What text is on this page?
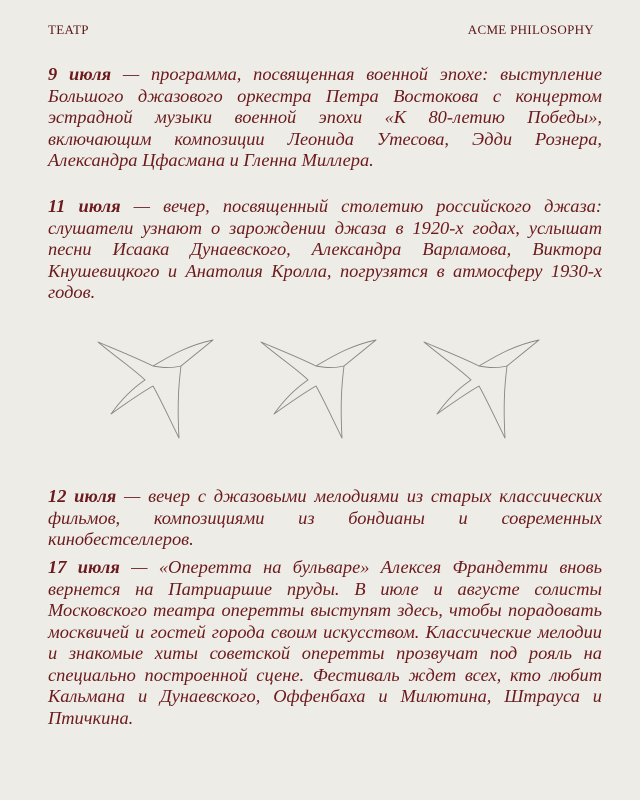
ТЕАТР	ACME PHILOSOPHY

9 июля — программа, посвященная военной эпохе: выступление Большого джазового оркестра Петра Востокова с концертом эстрадной музыки военной эпохи «К 80-летию Победы», включающим композиции Леонида Утесова, Эдди Рознера, Александра Цфасмана и Гленна Миллера.

11 июля — вечер, посвященный столетию российского джаза: слушатели узнают о зарождении джаза в 1920-х годах, услышат песни Исаака Дунаевского, Александра Варламова, Виктора Кнушевицкого и Анатолия Кролла, погрузятся в атмосферу 1930-х годов.

12 июля — вечер с джазовыми мелодиями из старых классических фильмов, композициями из бондианы и современных кинобестселлеров.

17 июля — «Оперетта на бульваре» Алексея Франдетти вновь вернется на Патриаршие пруды. В июле и августе солисты Московского театра оперетты выступят здесь, чтобы порадовать москвичей и гостей города своим искусством. Классические мелодии и знакомые хиты советской оперетты прозвучат под рояль на специально построенной сцене. Фестиваль ждет всех, кто любит Кальмана и Дунаевского, Оффенбаха и Милютина, Штрауса и Птичкина.
